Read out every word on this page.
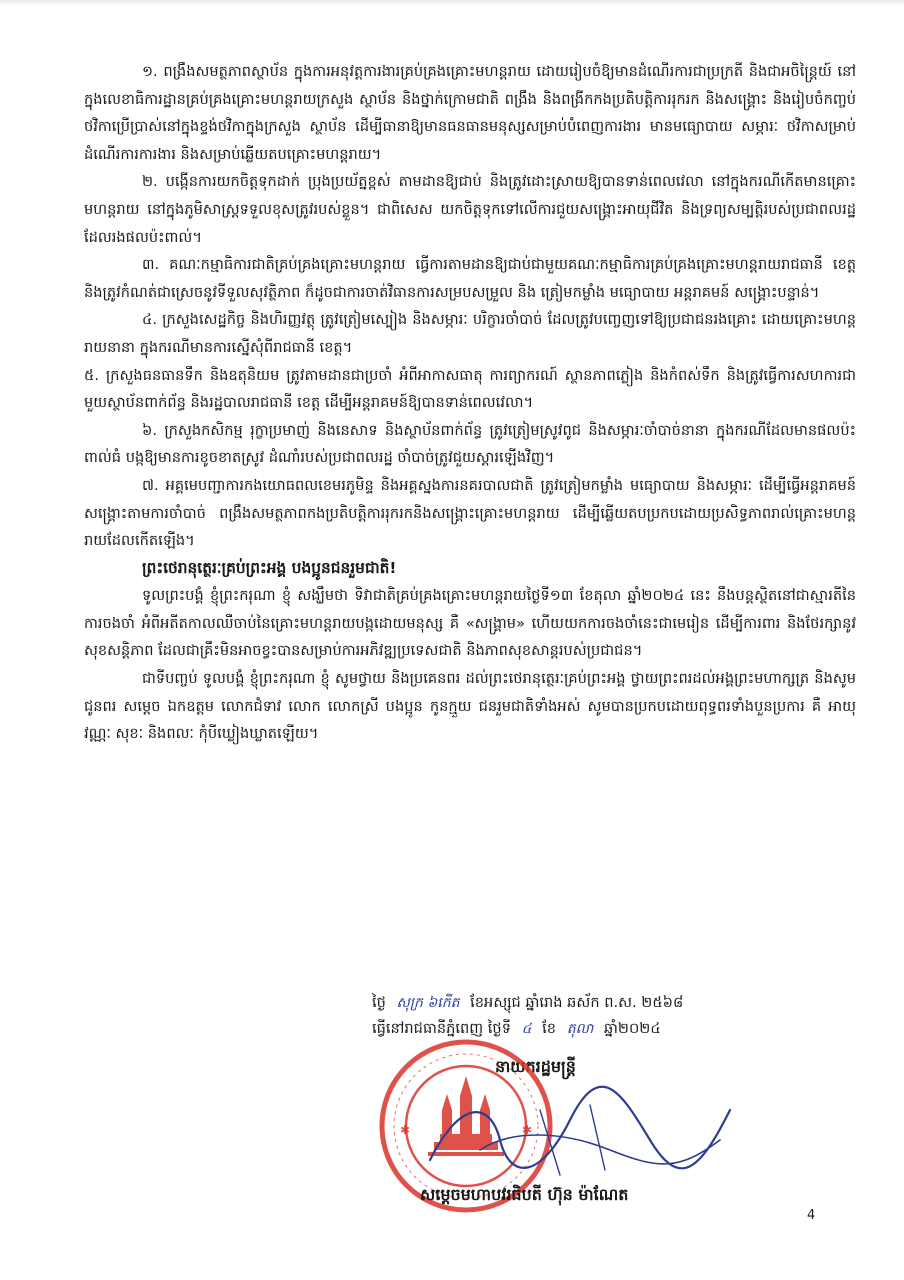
១. ពង្រឹងសមត្ថភាពស្ថាប័ន ក្នុងការអនុវត្តការងារគ្រប់គ្រងគ្រោះមហន្តរាយ ដោយរៀបចំឱ្យមានដំណើរការជាប្រក្រតី និងជាអចិន្ត្រៃយ៍ នៅក្នុងលេខាធិការដ្ឋានគ្រប់គ្រងគ្រោះមហន្តរាយក្រសួង ស្ថាប័ន និងថ្នាក់ក្រោមជាតិ ពង្រឹង និងពង្រីកកងប្រតិបត្តិការរុករក និងសង្គ្រោះ និងរៀបចំកញ្ចប់ថវិកាប្រើប្រាស់នៅក្នុងខ្ទង់ថវិកាក្នុងក្រសួង ស្ថាប័ន ដើម្បីធានាឱ្យមានធនធានមនុស្សសម្រាប់បំពេញការងារ មានមធ្យោបាយ សម្ភារៈ ថវិកាសម្រាប់ដំណើរការការងារ និងសម្រាប់ឆ្លើយតបគ្រោះមហន្តរាយ។

២. បង្កើនការយកចិត្តទុកដាក់ ប្រុងប្រយ័ត្នខ្ពស់ តាមដានឱ្យជាប់ និងត្រូវដោះស្រាយឱ្យបានទាន់ពេលវេលា នៅក្នុងករណីកើតមានគ្រោះមហន្តរាយ នៅក្នុងភូមិសាស្ត្រទទួលខុសត្រូវរបស់ខ្លួន។ ជាពិសេស យកចិត្តទុកទៅលើការជួយសង្គ្រោះអាយុជីវិត និងទ្រព្យសម្បត្តិរបស់ប្រជាពលរដ្ឋ ដែលរងផលប៉ះពាល់។

៣. គណៈកម្មាធិការជាតិគ្រប់គ្រងគ្រោះមហន្តរាយ ធ្វើការតាមដានឱ្យជាប់ជាមួយគណៈកម្មាធិការគ្រប់គ្រងគ្រោះមហន្តរាយរាជធានី ខេត្ត និងត្រូវកំណត់ជាស្រេចនូវទីទួលសុវត្ថិភាព ក៏ដូចជាការចាត់វិធានការសម្របសម្រួល និង ត្រៀមកម្លាំង មធ្យោបាយ អន្តរាគមន៍ សង្គ្រោះបន្ទាន់។

៤. ក្រសួងសេដ្ឋកិច្ច និងហិរញ្ញវត្ថុ ត្រូវត្រៀមស្បៀង និងសម្ភារៈ បរិក្ខារចាំបាច់ ដែលត្រូវបញ្ចេញទៅឱ្យប្រជាជនរងគ្រោះ ដោយគ្រោះមហន្តរាយនានា ក្នុងករណីមានការស្នើសុំពីរាជធានី ខេត្ត។

៥. ក្រសួងធនធានទឹក និងឧតុនិយម ត្រូវតាមដានជាប្រចាំ អំពីអាកាសធាតុ ការព្យាករណ៍ ស្ថានភាពភ្លៀង និងកំពស់ទឹក និងត្រូវធ្វើការសហការជាមួយស្ថាប័នពាក់ព័ន្ធ និងរដ្ឋបាលរាជធានី ខេត្ត ដើម្បីអន្តរាគមន៍ឱ្យបានទាន់ពេលវេលា។

៦. ក្រសួងកសិកម្ម រុក្ខាប្រមាញ់ និងនេសាទ និងស្ថាប័នពាក់ព័ន្ធ ត្រូវត្រៀមស្រូវពូជ និងសម្ភារៈចាំបាច់នានា ក្នុងករណីដែលមានផលប៉ះពាល់ធំ បង្កឱ្យមានការខូចខាតស្រូវ ដំណាំរបស់ប្រជាពលរដ្ឋ ចាំបាច់ត្រូវជួយស្តារឡើងវិញ។

៧. អគ្គមេបញ្ជាការកងយោធពលខេមរភូមិន្ទ និងអគ្គស្នងការនគរបាលជាតិ ត្រូវត្រៀមកម្លាំង មធ្យោបាយ និងសម្ភារៈ ដើម្បីធ្វើអន្តរាគមន៍សង្គ្រោះតាមការចាំបាច់ ពង្រឹងសមត្ថភាពកងប្រតិបត្តិការរុករកនិងសង្គ្រោះគ្រោះមហន្តរាយ ដើម្បីឆ្លើយតបប្រកបដោយប្រសិទ្ធភាពរាល់គ្រោះមហន្តរាយដែលកើតឡើង។

ព្រះថេរានុត្ថេរៈគ្រប់ព្រះអង្គ បងប្អូនជនរួមជាតិ!

ទូលព្រះបង្គំ ខ្ញុំព្រះករុណា ខ្ញុំ សង្ឃឹមថា ទិវាជាតិគ្រប់គ្រងគ្រោះមហន្តរាយថ្ងៃទី១៣ ខែតុលា ឆ្នាំ២០២៤ នេះ នឹងបន្តស្ថិតនៅជាស្មារតីនៃការចងចាំ អំពីអតីតកាលឈឺចាប់នៃគ្រោះមហន្តរាយបង្កដោយមនុស្ស គឺ «សង្គ្រាម» ហើយយកការចងចាំនេះជាមេរៀន ដើម្បីការពារ និងថែរក្សានូវសុខសន្តិភាព ដែលជាគ្រឹះមិនអាចខ្វះបានសម្រាប់ការអភិវឌ្ឍប្រទេសជាតិ និងភាពសុខសាន្តរបស់ប្រជាជន។

ជាទីបញ្ចប់ ទូលបង្គំ ខ្ញុំព្រះករុណា ខ្ញុំ សូមថ្វាយ និងប្រគេនពរ ដល់ព្រះថេរានុត្ថេរៈគ្រប់ព្រះអង្គ ថ្វាយព្រះពរដល់អង្គព្រះមហាក្សត្រ និងសូមជូនពរ សម្តេច ឯកឧត្តម លោកជំទាវ លោក លោកស្រី បងប្អូន កូនក្មួយ ជនរួមជាតិទាំងអស់ សូមបានប្រកបដោយពុទ្ធពរទាំងបួនប្រការ គឺ អាយុ វណ្ណៈ សុខៈ និងពលៈ កុំបីឃ្លៀងឃ្លាតឡើយ។

ថ្ងៃ សុក្រ ៦កើត ខែអស្សុជ ឆ្នាំរោង ឆស័ក ព.ស. ២៥៦៨
ធ្វើនៅរាជធានីភ្នំពេញ ថ្ងៃទី ៤ ខែ តុលា ឆ្នាំ២០២៤
នាយករដ្ឋមន្ត្រី
✱	✱
សម្តេចមហាបវរធិបតី ហ៊ុន ម៉ាណែត
4
